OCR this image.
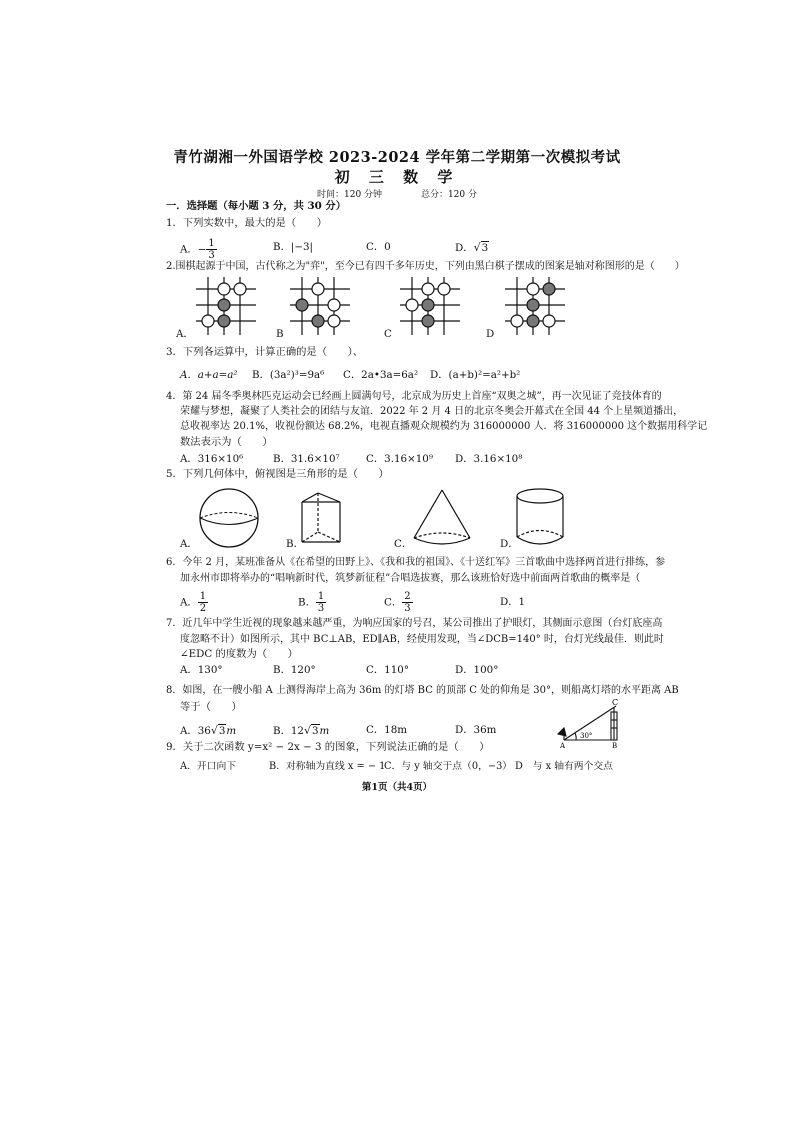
青竹湖湘一外国语学校 2023-2024 学年第二学期第一次模拟考试
初 三 数 学
时间：120 分钟	总分：120 分
一．选择题（每小题 3 分，共 30 分）
1．下列实数中，最大的是（　　）
A．− $\frac{1}{3}$	B．|−3|	C．0	D．√3
2.围棋起源于中国，古代称之为"弈"，至今已有四千多年历史，下列由黑白棋子摆成的图案是轴对称图形的是（　　）
A．	B	C	D
3．下列各运算中，计算正确的是（　　）、
A．a+a=a² B．(3a²)³=9a⁶ C．2a•3a=6a² D．(a+b)²=a²+b²
4．第 24 届冬季奥林匹克运动会已经画上圆满句号，北京成为历史上首座“双奥之城”，再一次见证了竞技体育的
荣耀与梦想，凝聚了人类社会的团结与友谊．2022 年 2 月 4 日的北京冬奥会开幕式在全国 44 个上星频道播出，
总收视率达 20.1%，收视份额达 68.2%，电视直播观众规模约为 316000000 人．将 316000000 这个数据用科学记
数法表示为（　　）
A．316×10⁶	B．31.6×10⁷	C．3.16×10⁹ D．3.16×10⁸
5．下列几何体中，俯视图是三角形的是（　　）
A．	B．	C．	D．
6．今年 2 月，某班准备从《在希望的田野上》、《我和我的祖国》、《十送红军》三首歌曲中选择两首进行排练，参
加永州市即将举办的“唱响新时代，筑梦新征程”合唱选拔赛，那么该班恰好选中前面两首歌曲的概率是（
A． $\frac{1}{2}$	B． $\frac{1}{3}$	C． $\frac{2}{3}$	D．1
7．近几年中学生近视的现象越来越严重，为响应国家的号召，某公司推出了护眼灯，其侧面示意图（台灯底座高
度忽略不计）如图所示，其中 BC⊥AB，ED∥AB，经使用发现，当∠DCB=140° 时，台灯光线最佳．则此时
∠EDC 的度数为（　　）
A．130°	B．120°	C．110°	D．100°
8．如图，在一艘小船 A 上测得海岸上高为 36m 的灯塔 BC 的顶部 C 处的仰角是 30°，则船离灯塔的水平距离 AB
等于（　　）
A．36√3m	B．12√3m	C．18m	D．36m
C
A	B
30°
9．关于二次函数 y=x² − 2x − 3 的图象，下列说法正确的是（　　）
A．开口向下	B．对称轴为直线 x = − 1
C．与 y 轴交于点（0，−3） D　与 x 轴有两个交点
第1页（共4页）
